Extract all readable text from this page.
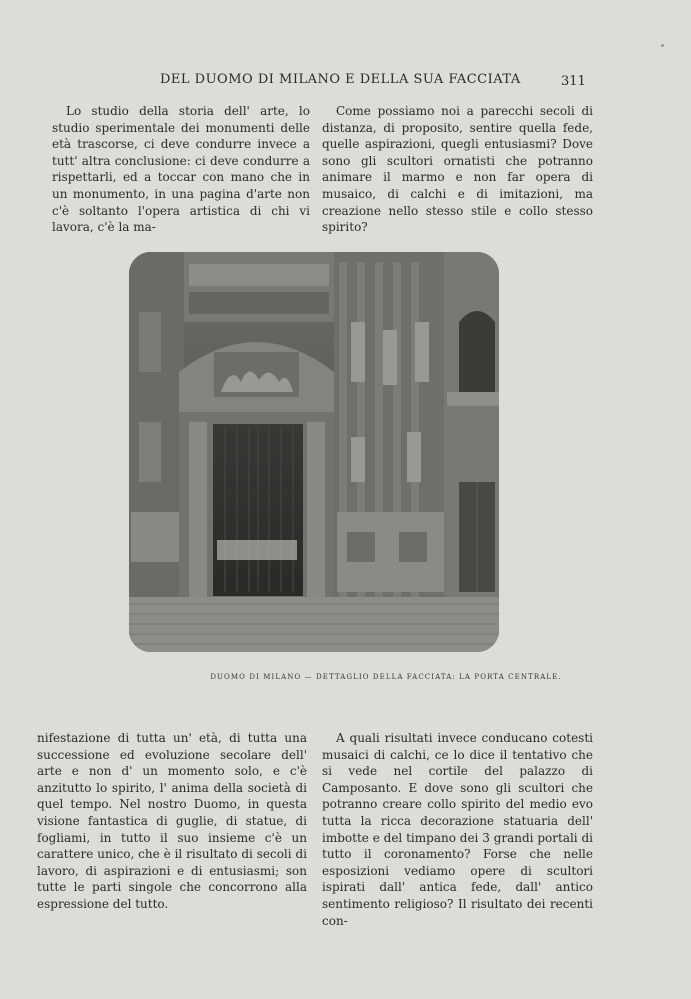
DEL DUOMO DI MILANO E DELLA SUA FACCIATA	311

Lo studio della storia dell' arte, lo studio sperimentale dei monumenti delle età trascorse, ci deve condurre invece a tutt' altra conclusione: ci deve condurre a rispettarli, ed a toccar con mano che in un monumento, in una pagina d'arte non c'è soltanto l'opera artistica di chi vi lavora, c'è la ma-

Come possiamo noi a parecchi secoli di distanza, di proposito, sentire quella fede, quelle aspirazioni, quegli entusiasmi? Dove sono gli scultori ornatisti che potranno animare il marmo e non far opera di musaico, di calchi e di imitazioni, ma creazione nello stesso stile e collo stesso spirito?

DUOMO DI MILANO — DETTAGLIO DELLA FACCIATA: LA PORTA CENTRALE.

nifestazione di tutta un' età, di tutta una successione ed evoluzione secolare dell' arte e non d' un momento solo, e c'è anzitutto lo spirito, l' anima della società di quel tempo. Nel nostro Duomo, in questa visione fantastica di guglie, di statue, di fogliami, in tutto il suo insieme c'è un carattere unico, che è il risultato di secoli di lavoro, di aspirazioni e di entusiasmi; son tutte le parti singole che concorrono alla espressione del tutto.

A quali risultati invece conducano cotesti musaici di calchi, ce lo dice il tentativo che si vede nel cortile del palazzo di Camposanto. E dove sono gli scultori che potranno creare collo spirito del medio evo tutta la ricca decorazione statuaria dell' imbotte e del timpano dei 3 grandi portali di tutto il coronamento? Forse che nelle esposizioni vediamo opere di scultori ispirati dall' antica fede, dall' antico sentimento religioso? Il risultato dei recenti con-
